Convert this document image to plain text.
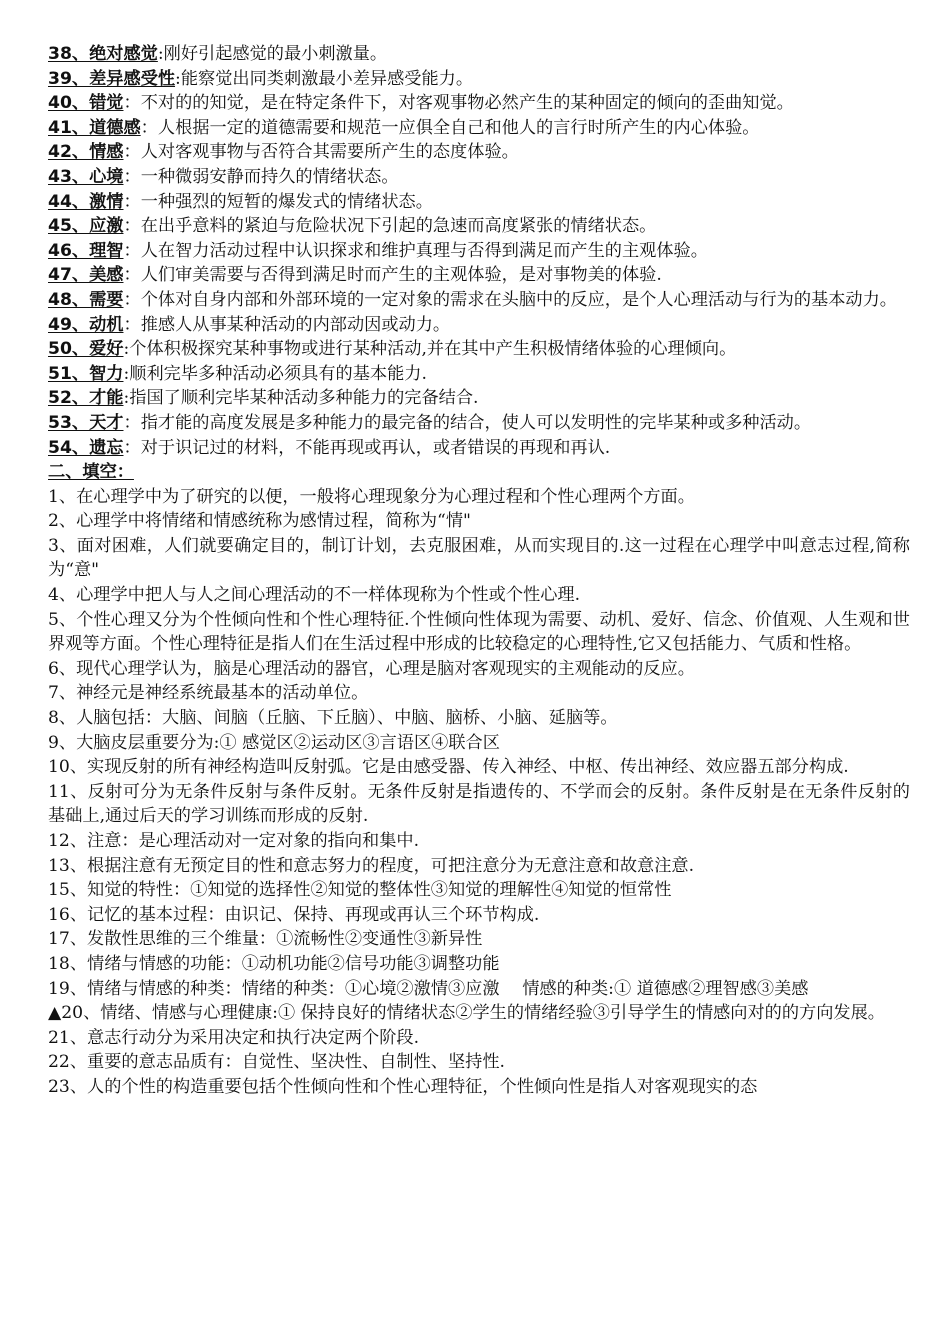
38、绝对感觉:刚好引起感觉的最小刺激量。

39、差异感受性:能察觉出同类刺激最小差异感受能力。

40、错觉：不对的的知觉，是在特定条件下，对客观事物必然产生的某种固定的倾向的歪曲知觉。

41、道德感：人根据一定的道德需要和规范一应俱全自己和他人的言行时所产生的内心体验。

42、情感：人对客观事物与否符合其需要所产生的态度体验。

43、心境：一种微弱安静而持久的情绪状态。

44、激情：一种强烈的短暂的爆发式的情绪状态。

45、应激：在出乎意料的紧迫与危险状况下引起的急速而高度紧张的情绪状态。

46、理智：人在智力活动过程中认识探求和维护真理与否得到满足而产生的主观体验。

47、美感：人们审美需要与否得到满足时而产生的主观体验，是对事物美的体验.

48、需要：个体对自身内部和外部环境的一定对象的需求在头脑中的反应，是个人心理活动与行为的基本动力。

49、动机：推感人从事某种活动的内部动因或动力。

50、爱好:个体积极探究某种事物或进行某种活动,并在其中产生积极情绪体验的心理倾向。

51、智力:顺利完毕多种活动必须具有的基本能力.

52、才能:指国了顺利完毕某种活动多种能力的完备结合.

53、天才：指才能的高度发展是多种能力的最完备的结合，使人可以发明性的完毕某种或多种活动。

54、遗忘：对于识记过的材料，不能再现或再认，或者错误的再现和再认.

二、填空：

1、在心理学中为了研究的以便，一般将心理现象分为心理过程和个性心理两个方面。

2、心理学中将情绪和情感统称为感情过程，简称为“情"

3、面对困难，人们就要确定目的，制订计划，去克服困难，从而实现目的.这一过程在心理学中叫意志过程,简称为“意"

4、心理学中把人与人之间心理活动的不一样体现称为个性或个性心理.

5、个性心理又分为个性倾向性和个性心理特征.个性倾向性体现为需要、动机、爱好、信念、价值观、人生观和世界观等方面。个性心理特征是指人们在生活过程中形成的比较稳定的心理特性,它又包括能力、气质和性格。

6、现代心理学认为，脑是心理活动的器官，心理是脑对客观现实的主观能动的反应。

7、神经元是神经系统最基本的活动单位。

8、人脑包括：大脑、间脑（丘脑、下丘脑）、中脑、脑桥、小脑、延脑等。

9、大脑皮层重要分为:① 感觉区②运动区③言语区④联合区

10、实现反射的所有神经构造叫反射弧。它是由感受器、传入神经、中枢、传出神经、效应器五部分构成.

11、反射可分为无条件反射与条件反射。无条件反射是指遗传的、不学而会的反射。条件反射是在无条件反射的基础上,通过后天的学习训练而形成的反射.

12、注意：是心理活动对一定对象的指向和集中.

13、根据注意有无预定目的性和意志努力的程度，可把注意分为无意注意和故意注意.

15、知觉的特性：①知觉的选择性②知觉的整体性③知觉的理解性④知觉的恒常性

16、记忆的基本过程：由识记、保持、再现或再认三个环节构成.

17、发散性思维的三个维量：①流畅性②变通性③新异性

18、情绪与情感的功能：①动机功能②信号功能③调整功能

19、情绪与情感的种类：情绪的种类：①心境②激情③应激　 情感的种类:① 道德感②理智感③美感

▲20、情绪、情感与心理健康:① 保持良好的情绪状态②学生的情绪经验③引导学生的情感向对的的方向发展。

21、意志行动分为采用决定和执行决定两个阶段.

22、重要的意志品质有：自觉性、坚决性、自制性、坚持性.

23、人的个性的构造重要包括个性倾向性和个性心理特征，个性倾向性是指人对客观现实的态
